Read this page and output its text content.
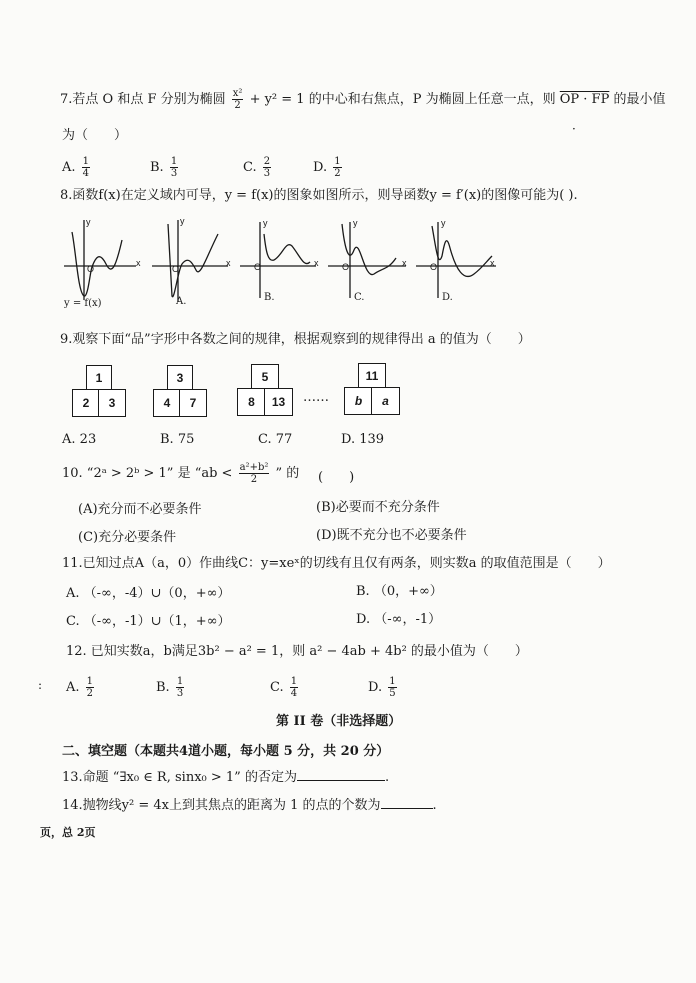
7.若点 O 和点 F 分别为椭圆 $\frac{\text{x²}}{2} + y^2 = 1$ 的中心和右焦点，P 为椭圆上任意一点，则 OP · FP 的最小值
为（　　）	·
A. $\frac{1}{4}$	B. $\frac{1}{3}$	C. $\frac{2}{3}$	D. $\frac{1}{2}$
8.函数f(x)在定义域内可导，y = f(x)的图象如图所示，则导函数y = f′(x)的图像可能为( ).
x
y
O
x
y
O
x
y
O	x
y
O	x
y
O
y = f(x)	A.	B.	C.	D.
9.观察下面“品”字形中各数之间的规律，根据观察到的规律得出 a 的值为（　　）
1
2	3
3
4	7
5
8	13	……
11
b	a
A. 23	B. 75	C. 77	D. 139
10. “2ᵃ > 2ᵇ > 1” 是 “ab < $\frac{\text{a²+b²}}{2}$ ” 的 (　　)
(A)充分而不必要条件	(B)必要而不充分条件
(C)充分必要条件	(D)既不充分也不必要条件
11.已知过点A（a，0）作曲线C：y=xeˣ的切线有且仅有两条，则实数a 的取值范围是（　　）
A. （-∞，-4）∪（0，+∞）	B. （0，+∞）
C. （-∞，-1）∪（1，+∞）	D. （-∞，-1）
12. 已知实数a，b满足3b² − a² = 1，则 a² − 4ab + 4b² 的最小值为（　　）
: A. $\frac{1}{2}$	B. $\frac{1}{3}$	C. $\frac{1}{4}$	D. $\frac{1}{5}$
第 II 卷（非选择题）
二、填空题（本题共4道小题，每小题 5 分，共 20 分）
13.命题 “∃x₀ ∈ R, sinx₀ > 1” 的否定为	.
14.抛物线y² = 4x上到其焦点的距离为 1 的点的个数为	.
页，总 2页
